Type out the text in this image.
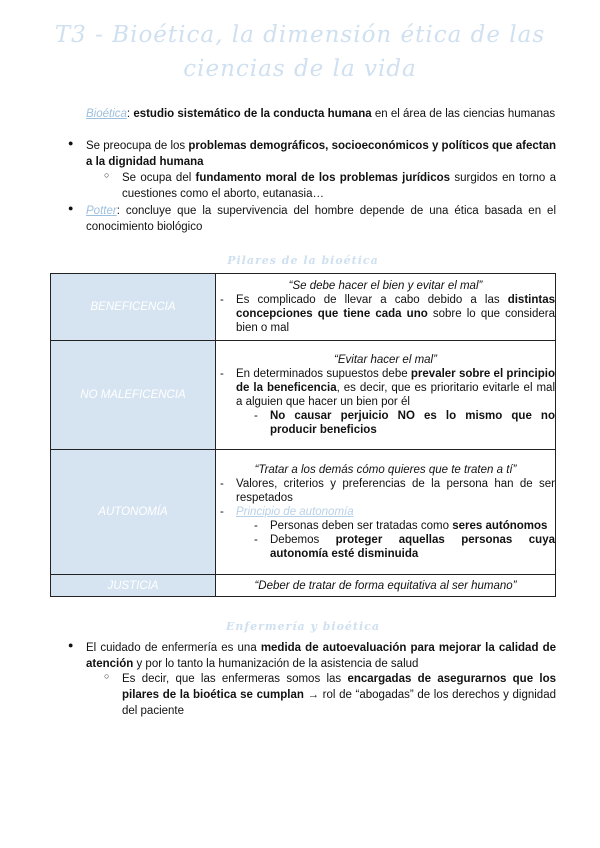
T3 - Bioética, la dimensión ética de las ciencias de la vida
Bioética: estudio sistemático de la conducta humana en el área de las ciencias humanas
● Se preocupa de los problemas demográficos, socioeconómicos y políticos que afectan a la dignidad humana
○ Se ocupa del fundamento moral de los problemas jurídicos surgidos en torno a cuestiones como el aborto, eutanasia…
● Potter: concluye que la supervivencia del hombre depende de una ética basada en el conocimiento biológico
Pilares de la bioética
BENEFICENCIA	“Se debe hacer el bien y evitar el mal”
- Es complicado de llevar a cabo debido a las distintas concepciones que tiene cada uno sobre lo que considera bien o mal

NO MALEFICENCIA	“Evitar hacer el mal”
- En determinados supuestos debe prevaler sobre el principio de la beneficencia, es decir, que es prioritario evitarle el mal a alguien que hacer un bien por él
- No causar perjuicio NO es lo mismo que no producir beneficios

AUTONOMÍA	“Tratar a los demás cómo quieres que te traten a tí”
- Valores, criterios y preferencias de la persona han de ser respetados
- Principio de autonomía
- Personas deben ser tratadas como seres autónomos
- Debemos proteger aquellas personas cuya autonomía esté disminuida

JUSTICIA	“Deber de tratar de forma equitativa al ser humano”
Enfermería y bioética
● El cuidado de enfermería es una medida de autoevaluación para mejorar la calidad de atención y por lo tanto la humanización de la asistencia de salud
○ Es decir, que las enfermeras somos las encargadas de asegurarnos que los pilares de la bioética se cumplan → rol de “abogadas” de los derechos y dignidad del paciente
